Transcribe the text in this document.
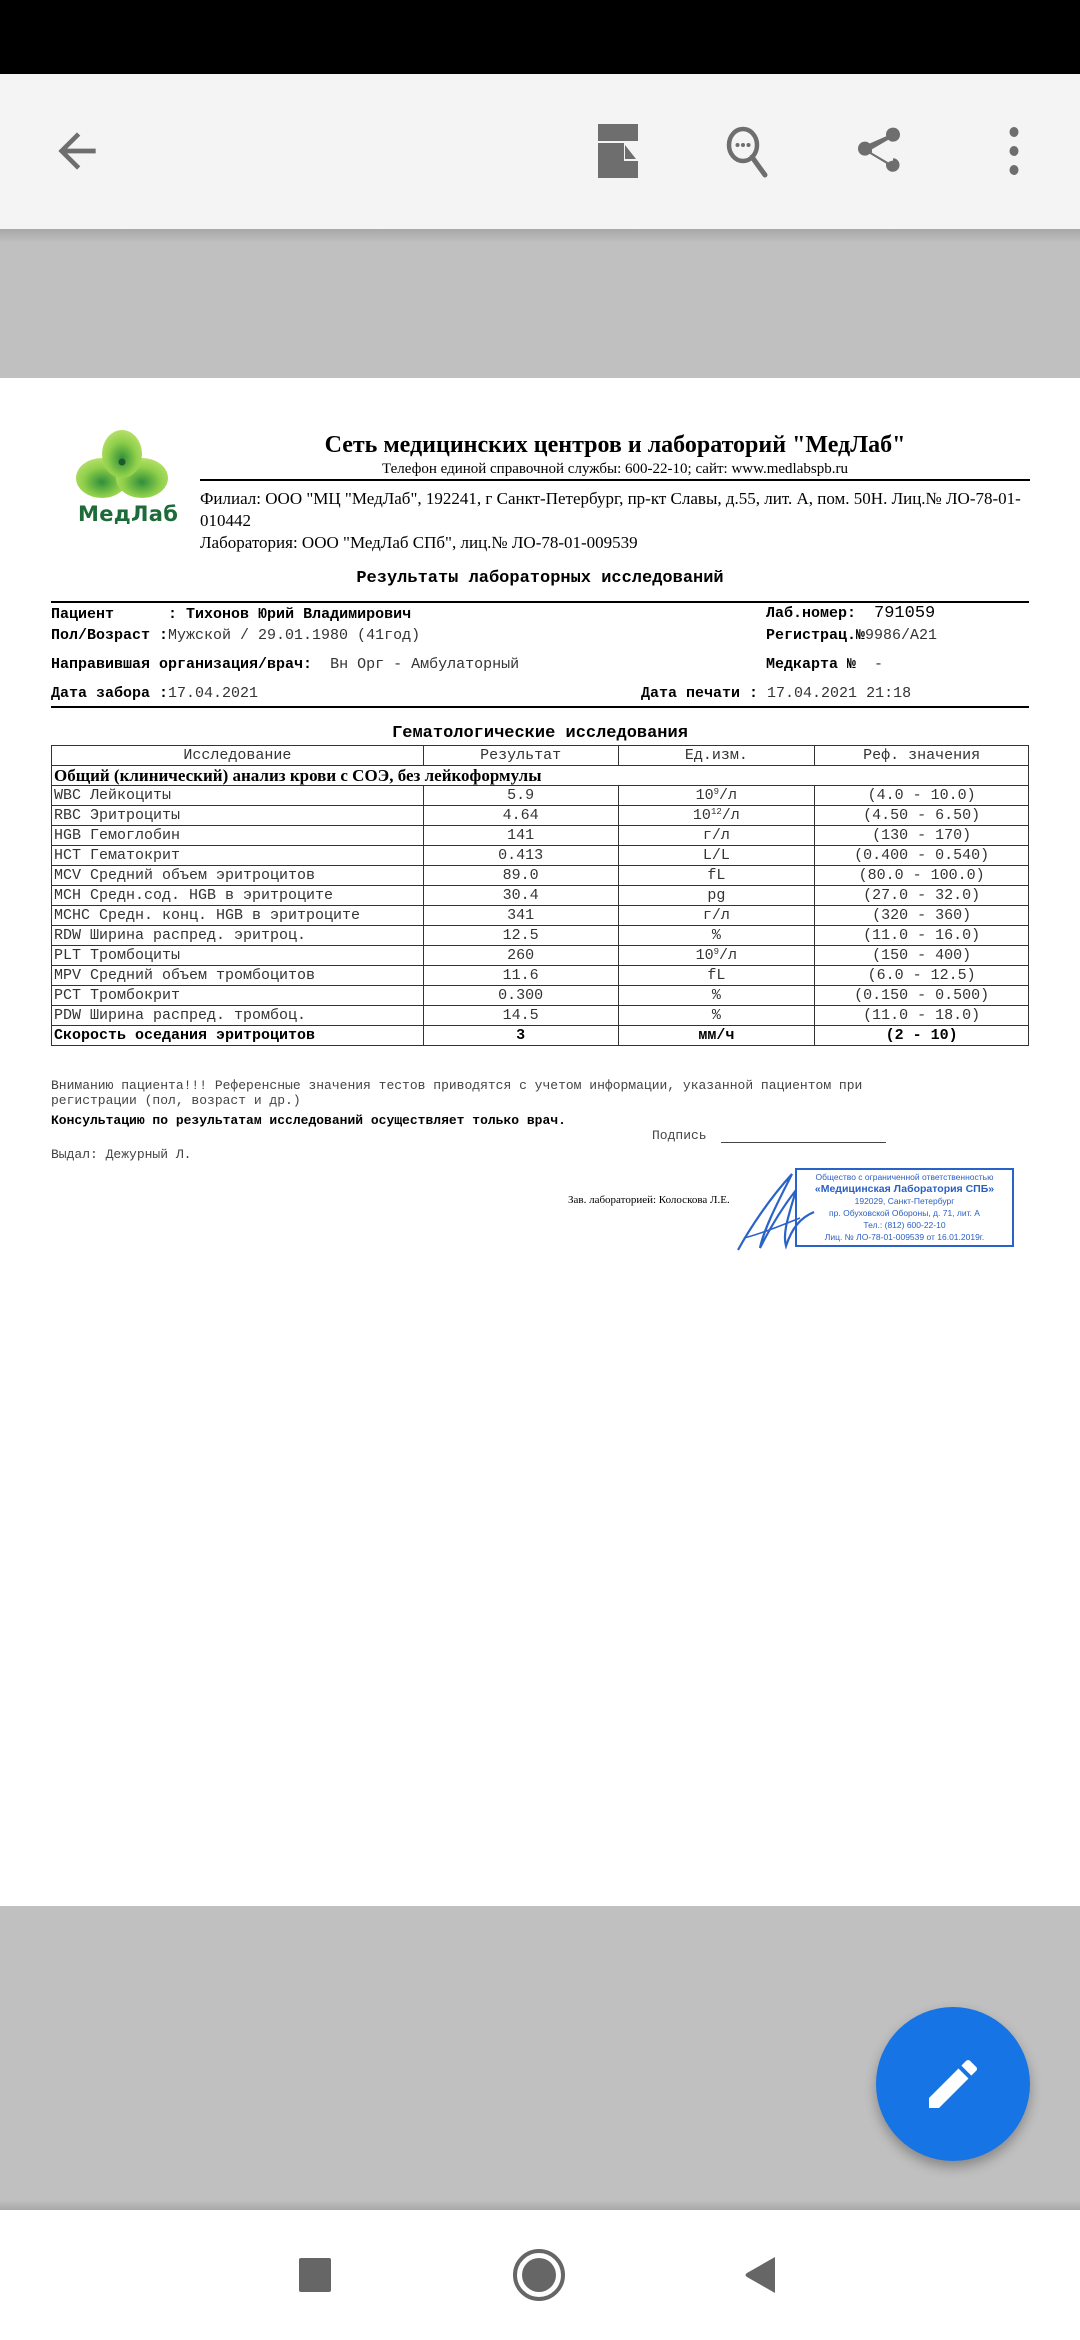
МедЛаб
Сеть медицинских центров и лабораторий "МедЛаб"
Телефон единой справочной службы: 600-22-10; сайт: www.medlabspb.ru
Филиал: ООО "МЦ "МедЛаб", 192241, г Санкт-Петербург, пр-кт Славы, д.55, лит. А, пом. 50Н. Лиц.№ ЛО-78-01-010442
Лаборатория: ООО "МедЛаб СПб", лиц.№ ЛО-78-01-009539
Результаты лабораторных исследований
Пациент      : Тихонов Юрий Владимирович
Пол/Возраст :Мужской / 29.01.1980 (41год)
Направившая организация/врач: Вн Орг - Амбулаторный
Дата забора :17.04.2021
Лаб.номер: 791059
Регистрац.№9986/А21
Медкарта № -
Дата печати : 17.04.2021 21:18
Гематологические исследования
Исследование	Результат	Ед.изм.	Реф. значения
Общий (клинический) анализ крови с СОЭ, без лейкоформулы			
WBC Лейкоциты	5.9	$10^9/л$	(4.0 - 10.0)
RBC Эритроциты	4.64	$10^{12}/л$	(4.50 - 6.50)
HGB Гемоглобин	141	г/л	(130 - 170)
HCT Гематокрит	0.413	L/L	(0.400 - 0.540)
MCV Средний объем эритроцитов	89.0	fL	(80.0 - 100.0)
MCH Средн.сод. HGB в эритроците	30.4	pg	(27.0 - 32.0)
MCHC Средн. конц. HGB в эритроците	341	г/л	(320 - 360)
RDW Ширина распред. эритроц.	12.5	%	(11.0 - 16.0)
PLT Тромбоциты	260	$10^9/л$	(150 - 400)
MPV Средний объем тромбоцитов	11.6	fL	(6.0 - 12.5)
PCT Тромбокрит	0.300	%	(0.150 - 0.500)
PDW Ширина распред. тромбоц.	14.5	%	(11.0 - 18.0)
Скорость оседания эритроцитов	3	мм/ч	(2 - 10)
Вниманию пациента!!! Референсные значения тестов приводятся с учетом информации, указанной пациентом при
регистрации (пол, возраст и др.)
Консультацию по результатам исследований осуществляет только врач.
Подпись
Выдал: Дежурный Л.
Зав. лабораторией: Колоскова Л.Е.
Общество с ограниченной ответственностью
«Медицинская Лаборатория СПБ»
192029, Санкт-Петербург
пр. Обуховской Обороны, д. 71, лит. А
Тел.: (812) 600-22-10
Лиц. № ЛО-78-01-009539 от 16.01.2019г.
